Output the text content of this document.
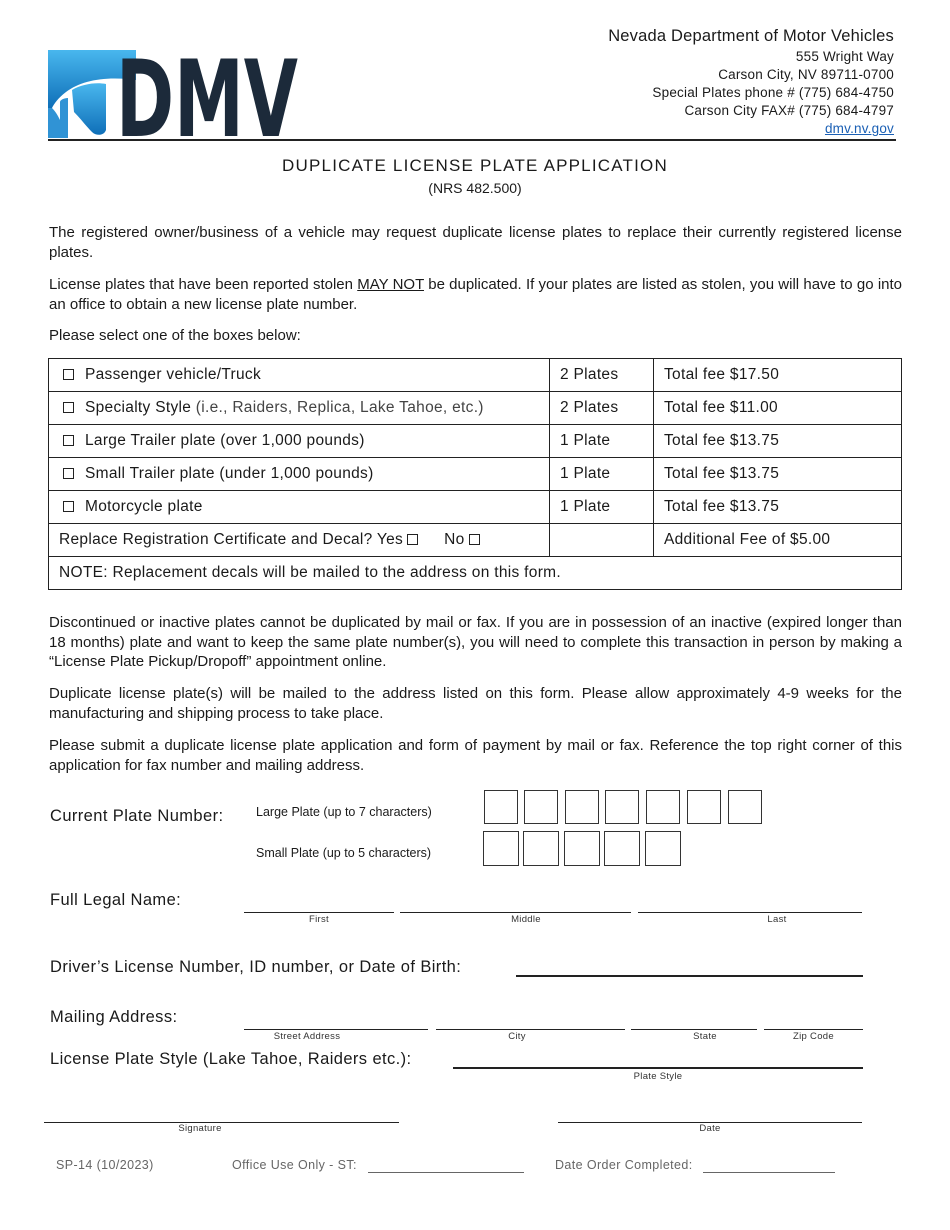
DMV
Nevada Department of Motor Vehicles
555 Wright Way
Carson City, NV 89711-0700
Special Plates phone # (775) 684-4750
Carson City FAX# (775) 684-4797
dmv.nv.gov
DUPLICATE LICENSE PLATE APPLICATION
(NRS 482.500)
The registered owner/business of a vehicle may request duplicate license plates to replace their currently registered license plates.
License plates that have been reported stolen MAY NOT be duplicated. If your plates are listed as stolen, you will have to go into an office to obtain a new license plate number.
Please select one of the boxes below:
Passenger vehicle/Truck	2 Plates	Total fee $17.50
Specialty Style (i.e., Raiders, Replica, Lake Tahoe, etc.)	2 Plates	Total fee $11.00
Large Trailer plate (over 1,000 pounds)	1 Plate	Total fee $13.75
Small Trailer plate (under 1,000 pounds)	1 Plate	Total fee $13.75
Motorcycle plate	1 Plate	Total fee $13.75
Replace Registration Certificate and Decal? Yes No		Additional Fee of $5.00
NOTE: Replacement decals will be mailed to the address on this form.		
Discontinued or inactive plates cannot be duplicated by mail or fax. If you are in possession of an inactive (expired longer than 18 months) plate and want to keep the same plate number(s), you will need to complete this transaction in person by making a “License Plate Pickup/Dropoff” appointment online.
Duplicate license plate(s) will be mailed to the address listed on this form. Please allow approximately 4-9 weeks for the manufacturing and shipping process to take place.
Please submit a duplicate license plate application and form of payment by mail or fax. Reference the top right corner of this application for fax number and mailing address.
Current Plate Number:	Large Plate (up to 7 characters)
Small Plate (up to 5 characters)
Full Legal Name:
First	Middle	Last
Driver’s License Number, ID number, or Date of Birth:
Mailing Address:
Street Address	City	State	Zip Code
License Plate Style (Lake Tahoe, Raiders etc.):
Plate Style
Signature	Date
SP-14 (10/2023)	Office Use Only - ST:	Date Order Completed:
